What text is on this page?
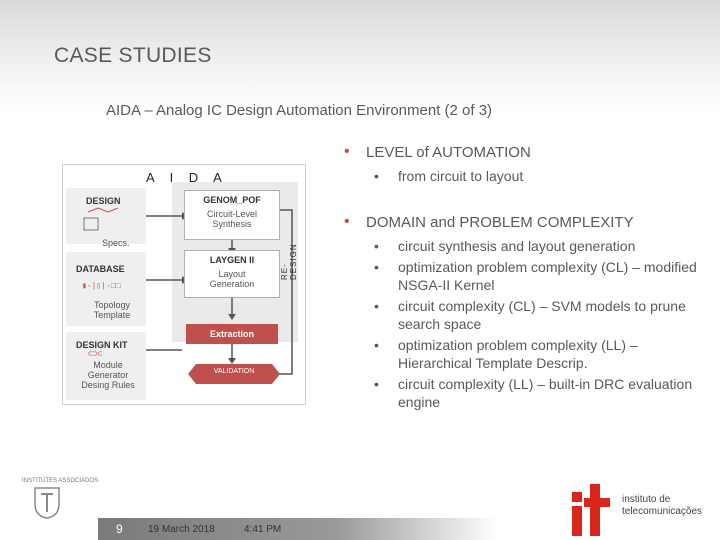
CASE STUDIES
AIDA – Analog IC Design Automation Environment (2 of 3)
▮·|▯|·□□
⊂⊃⊂
A I D A
DESIGN
Specs.
DATABASE
Topology Template
DESIGN KIT
Module Generator Desing Rules
GENOM_POF
Circuit-Level Synthesis
LAYGEN II
Layout Generation
Extraction
VALIDATION
RE-DESIGN
• LEVEL of AUTOMATION
• from circuit to layout
• DOMAIN and PROBLEM COMPLEXITY
• circuit synthesis and layout generation
• optimization problem complexity (CL) – modified NSGA-II Kernel
• circuit complexity (CL) – SVM models to prune search space
• optimization problem complexity (LL) – Hierarchical Template Descrip.
• circuit complexity (LL) – built-in DRC evaluation engine
INSTITUTES ASSOCIADOS
9	19 March 2018	4:41 PM
instituto de telecomunicações
